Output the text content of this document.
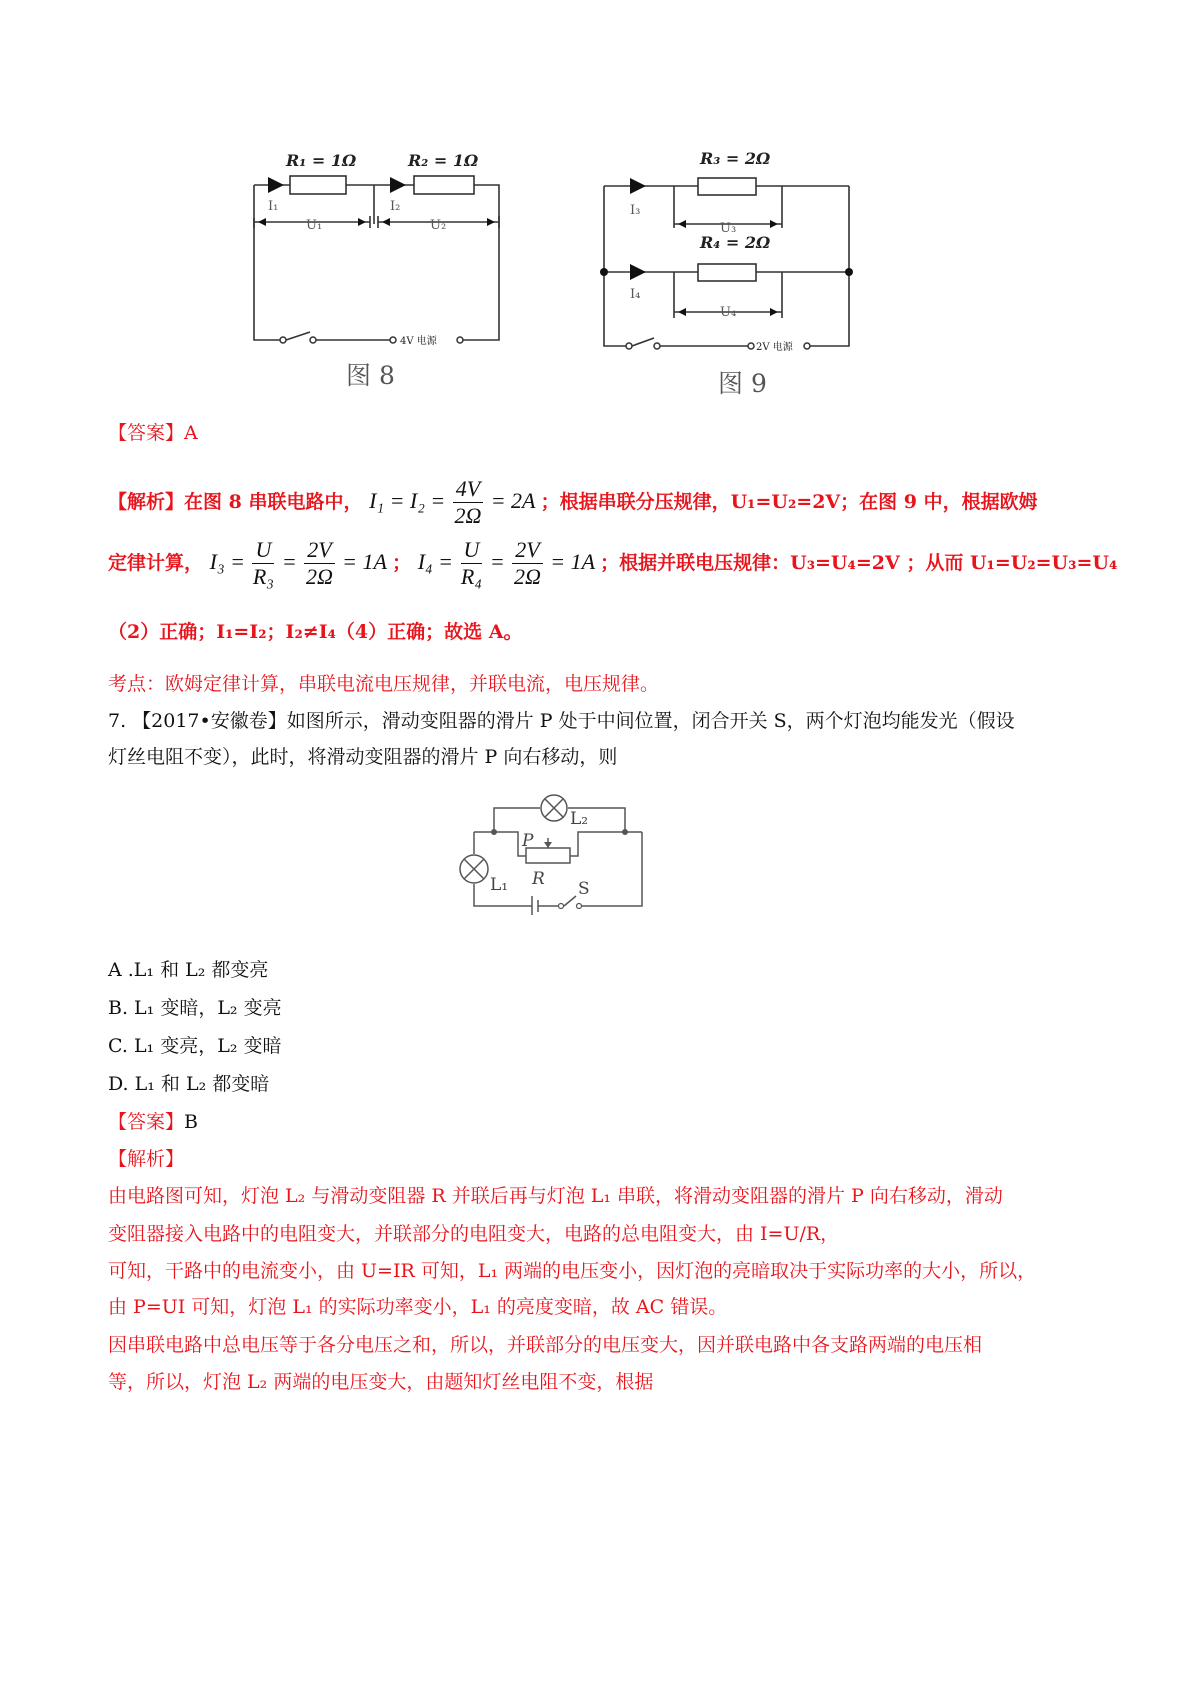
R₁ = 1Ω	R₂ = 1Ω
I₁	I₂
U₁	U₂
4V 电源
图 8
R₃ = 2Ω
R₄ = 2Ω
I₃
I₄
U₃
U₄
2V 电源
图 9
【答案】A
【解析】在图 8 串联电路中， $I_1 = I_2 = \frac{4V}{2\Omega} = 2A$ ；根据串联分压规律，U₁=U₂=2V；在图 9 中，根据欧姆
定律计算， $I_3 = \frac{U}{\text{R₃}} = \frac{2V}{2\Omega} = 1A$ ； $I_4 = \frac{U}{\text{R₄}} = \frac{2V}{2\Omega} = 1A$ ；根据并联电压规律：U₃=U₄=2V ；从而 U₁=U₂=U₃=U₄
（2）正确；I₁=I₂；I₂≠I₄（4）正确；故选 A。
考点：欧姆定律计算，串联电流电压规律，并联电流，电压规律。
7. 【2017•安徽卷】如图所示，滑动变阻器的滑片 P 处于中间位置，闭合开关 S，两个灯泡均能发光（假设
灯丝电阻不变），此时，将滑动变阻器的滑片 P 向右移动，则
L₂
L₁
P
R S
A .L₁ 和 L₂ 都变亮
B. L₁ 变暗，L₂ 变亮
C. L₁ 变亮，L₂ 变暗
D. L₁ 和 L₂ 都变暗
【答案】B
【解析】
由电路图可知，灯泡 L₂ 与滑动变阻器 R 并联后再与灯泡 L₁ 串联，将滑动变阻器的滑片 P 向右移动，滑动
变阻器接入电路中的电阻变大，并联部分的电阻变大，电路的总电阻变大，由 I=U/R，
可知，干路中的电流变小，由 U=IR 可知，L₁ 两端的电压变小，因灯泡的亮暗取决于实际功率的大小，所以，
由 P=UI 可知，灯泡 L₁ 的实际功率变小，L₁ 的亮度变暗，故 AC 错误。
因串联电路中总电压等于各分电压之和，所以，并联部分的电压变大，因并联电路中各支路两端的电压相
等，所以，灯泡 L₂ 两端的电压变大，由题知灯丝电阻不变，根据
